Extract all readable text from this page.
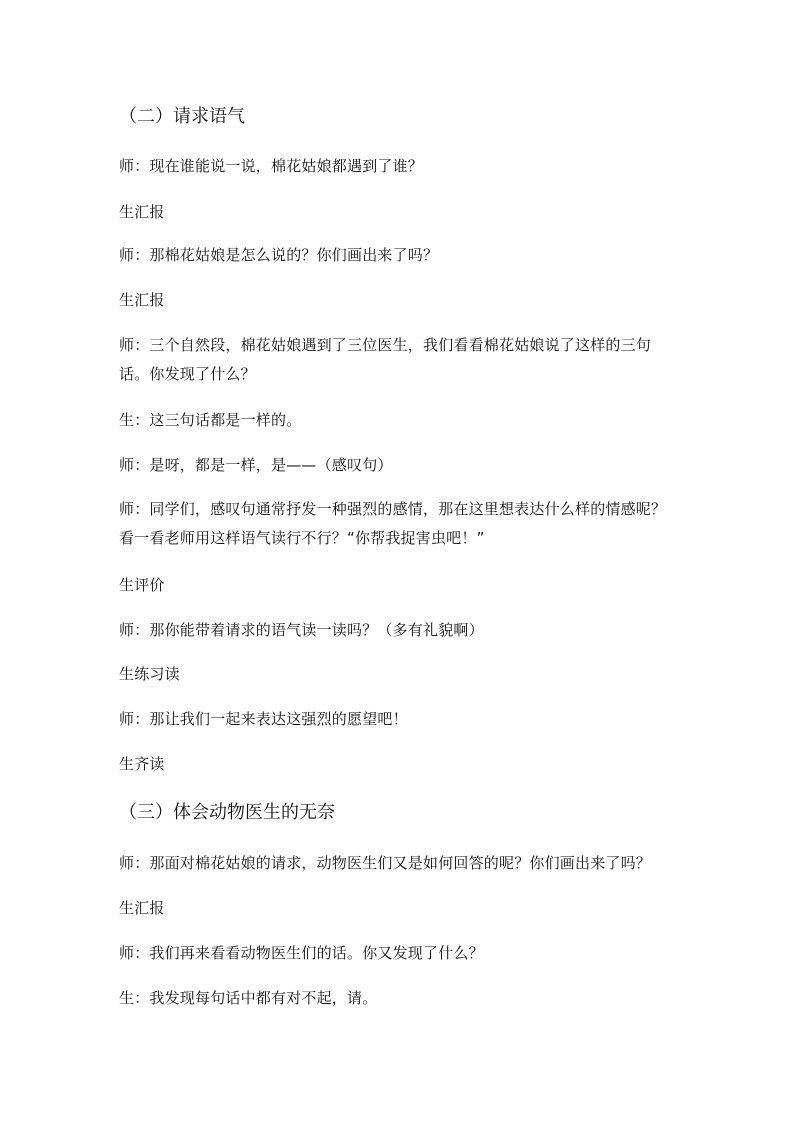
（二）请求语气
师：现在谁能说一说，棉花姑娘都遇到了谁？
生汇报
师：那棉花姑娘是怎么说的？你们画出来了吗？
生汇报
师：三个自然段，棉花姑娘遇到了三位医生，我们看看棉花姑娘说了这样的三句
话。你发现了什么？
生：这三句话都是一样的。
师：是呀，都是一样，是——（感叹句）
师：同学们，感叹句通常抒发一种强烈的感情，那在这里想表达什么样的情感呢？
看一看老师用这样语气读行不行？“你帮我捉害虫吧！”
生评价
师：那你能带着请求的语气读一读吗？（多有礼貌啊）
生练习读
师：那让我们一起来表达这强烈的愿望吧！
生齐读
（三）体会动物医生的无奈
师：那面对棉花姑娘的请求，动物医生们又是如何回答的呢？你们画出来了吗？
生汇报
师：我们再来看看动物医生们的话。你又发现了什么？
生：我发现每句话中都有对不起，请。
